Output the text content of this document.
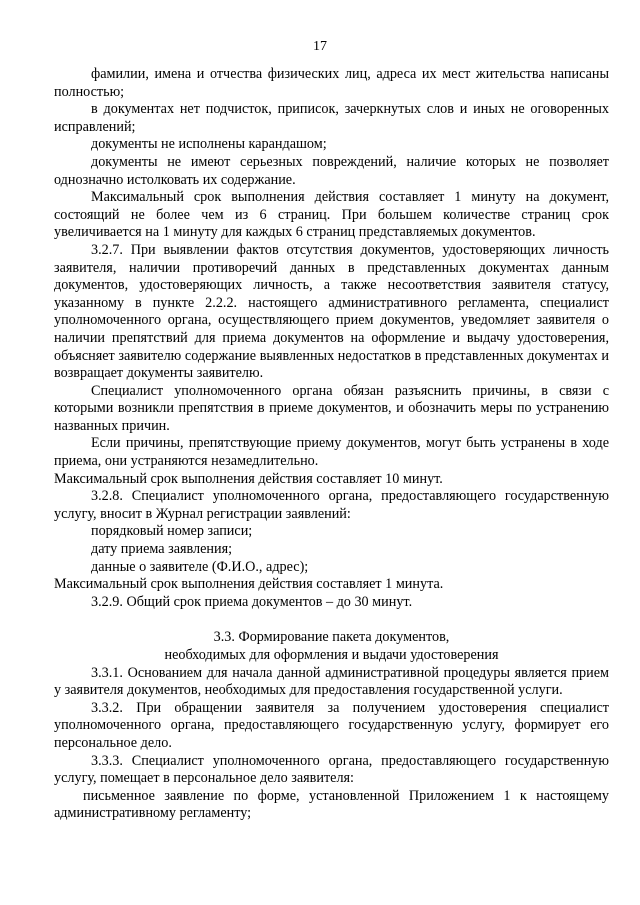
17

фамилии, имена и отчества физических лиц, адреса их мест жительства написаны полностью;

в документах нет подчисток, приписок, зачеркнутых слов и иных не оговоренных исправлений;

документы не исполнены карандашом;

документы не имеют серьезных повреждений, наличие которых не позволяет однозначно истолковать их содержание.

Максимальный срок выполнения действия составляет 1 минуту на документ, состоящий не более чем из 6 страниц. При большем количестве страниц срок увеличивается на 1 минуту для каждых 6 страниц представляемых документов.

3.2.7. При выявлении фактов отсутствия документов, удостоверяющих личность заявителя, наличии противоречий данных в представленных документах данным документов, удостоверяющих личность, а также несоответствия заявителя статусу, указанному в пункте 2.2.2. настоящего административного регламента, специалист уполномоченного органа, осуществляющего прием документов, уведомляет заявителя о наличии препятствий для приема документов на оформление и выдачу удостоверения, объясняет заявителю содержание выявленных недостатков в представленных документах и возвращает документы заявителю.

Специалист уполномоченного органа обязан разъяснить причины, в связи с которыми возникли препятствия в приеме документов, и обозначить меры по устранению названных причин.

Если причины, препятствующие приему документов, могут быть устранены в ходе приема, они устраняются незамедлительно.

Максимальный срок выполнения действия составляет 10 минут.

3.2.8. Специалист уполномоченного органа, предоставляющего государственную услугу, вносит в Журнал регистрации заявлений:

порядковый номер записи;

дату приема заявления;

данные о заявителе (Ф.И.О., адрес);

Максимальный срок выполнения действия составляет 1 минута.

3.2.9. Общий срок приема документов – до 30 минут.

3.3. Формирование пакета документов,
необходимых для оформления и выдачи удостоверения

3.3.1. Основанием для начала данной административной процедуры является прием у заявителя документов, необходимых для предоставления государственной услуги.

3.3.2. При обращении заявителя за получением удостоверения специалист уполномоченного органа, предоставляющего государственную услугу, формирует его персональное дело.

3.3.3. Специалист уполномоченного органа, предоставляющего государственную услугу, помещает в персональное дело заявителя:

письменное заявление по форме, установленной Приложением 1 к настоящему административному регламенту;
